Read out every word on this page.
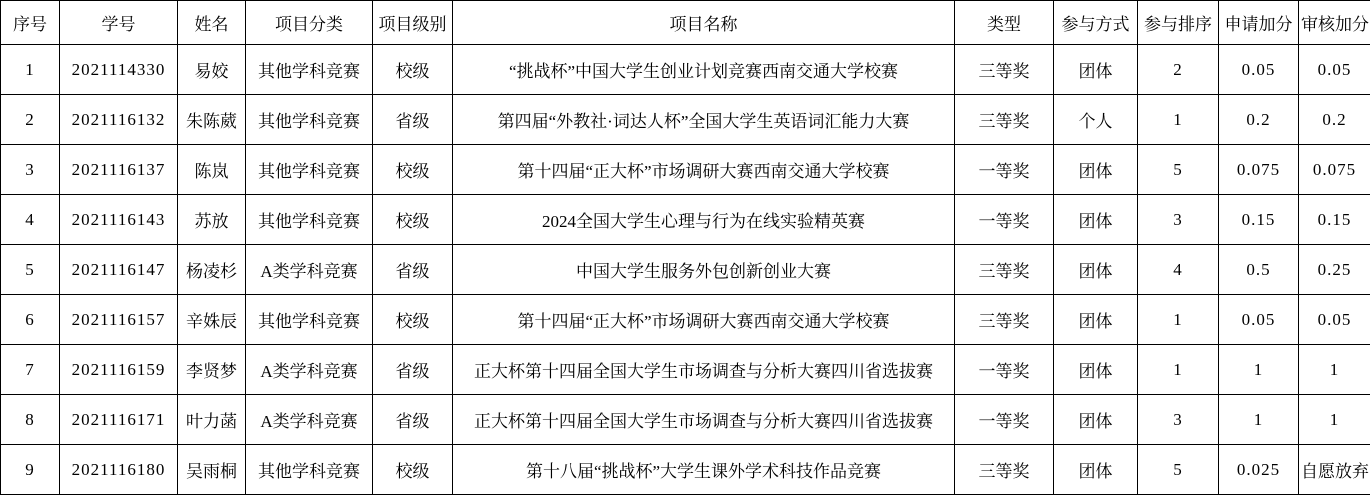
序号	学号	姓名	项目分类	项目级别	项目名称	类型	参与方式	参与排序	申请加分	审核加分
1	2021114330	易姣	其他学科竞赛	校级	“挑战杯”中国大学生创业计划竞赛西南交通大学校赛	三等奖	团体	2	0.05	0.05
2	2021116132	朱陈葳	其他学科竞赛	省级	第四届“外教社·词达人杯”全国大学生英语词汇能力大赛	三等奖	个人	1	0.2	0.2
3	2021116137	陈岚	其他学科竞赛	校级	第十四届“正大杯”市场调研大赛西南交通大学校赛	一等奖	团体	5	0.075	0.075
4	2021116143	苏放	其他学科竞赛	校级	2024全国大学生心理与行为在线实验精英赛	一等奖	团体	3	0.15	0.15
5	2021116147	杨凌杉	A类学科竞赛	省级	中国大学生服务外包创新创业大赛	三等奖	团体	4	0.5	0.25
6	2021116157	辛姝辰	其他学科竞赛	校级	第十四届“正大杯”市场调研大赛西南交通大学校赛	三等奖	团体	1	0.05	0.05
7	2021116159	李贤梦	A类学科竞赛	省级	正大杯第十四届全国大学生市场调查与分析大赛四川省选拔赛	一等奖	团体	1	1	1
8	2021116171	叶力菡	A类学科竞赛	省级	正大杯第十四届全国大学生市场调查与分析大赛四川省选拔赛	一等奖	团体	3	1	1
9	2021116180	吴雨桐	其他学科竞赛	校级	第十八届“挑战杯”大学生课外学术科技作品竞赛	三等奖	团体	5	0.025	自愿放弃
